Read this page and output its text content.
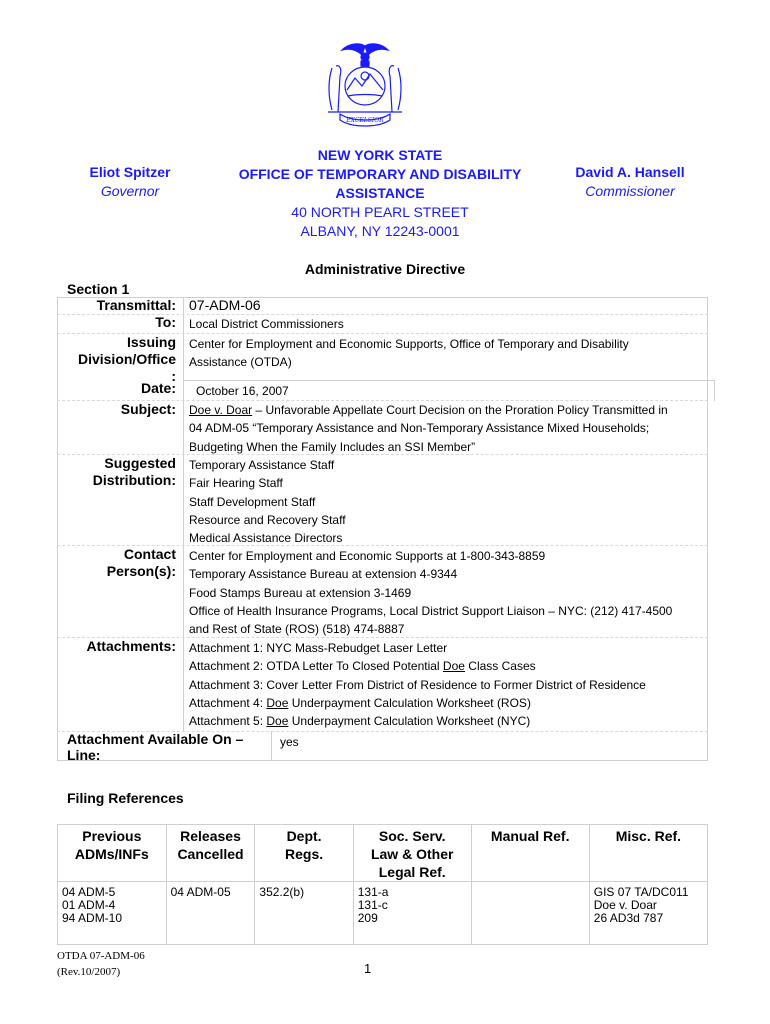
EXCELSIOR
Eliot Spitzer
Governor
NEW YORK STATE
OFFICE OF TEMPORARY AND DISABILITY
ASSISTANCE
40 NORTH PEARL STREET
ALBANY, NY 12243-0001
David A. Hansell
Commissioner
Administrative Directive
Section 1
Transmittal: 07-ADM-06
To: Local District Commissioners
Issuing
Division/Office
:
Center for Employment and Economic Supports, Office of Temporary and Disability
Assistance (OTDA)
Date: October 16, 2007
Subject: Doe v. Doar – Unfavorable Appellate Court Decision on the Proration Policy Transmitted in
04 ADM-05 “Temporary Assistance and Non-Temporary Assistance Mixed Households;
Budgeting When the Family Includes an SSI Member”
Suggested
Distribution:
Temporary Assistance Staff
Fair Hearing Staff
Staff Development Staff
Resource and Recovery Staff
Medical Assistance Directors
Contact
Person(s):
Center for Employment and Economic Supports at 1-800-343-8859
Temporary Assistance Bureau at extension 4-9344
Food Stamps Bureau at extension 3-1469
Office of Health Insurance Programs, Local District Support Liaison – NYC: (212) 417-4500
and Rest of State (ROS) (518) 474-8887
Attachments: Attachment 1: NYC Mass-Rebudget Laser Letter
Attachment 2: OTDA Letter To Closed Potential Doe Class Cases
Attachment 3: Cover Letter From District of Residence to Former District of Residence
Attachment 4: Doe Underpayment Calculation Worksheet (ROS)
Attachment 5: Doe Underpayment Calculation Worksheet (NYC)
Attachment Available On –
Line:
yes
Filing References
Previous
ADMs/INFs	Releases
Cancelled	Dept.
Regs.	Soc. Serv.
Law & Other
Legal Ref.	Manual Ref.	Misc. Ref.

04 ADM-5
01 ADM-4
94 ADM-10	04 ADM-05	352.2(b)	131-a
131-c
209		GIS 07 TA/DC011
Doe v. Doar
26 AD3d 787
OTDA 07-ADM-06
(Rev.10/2007)	1
